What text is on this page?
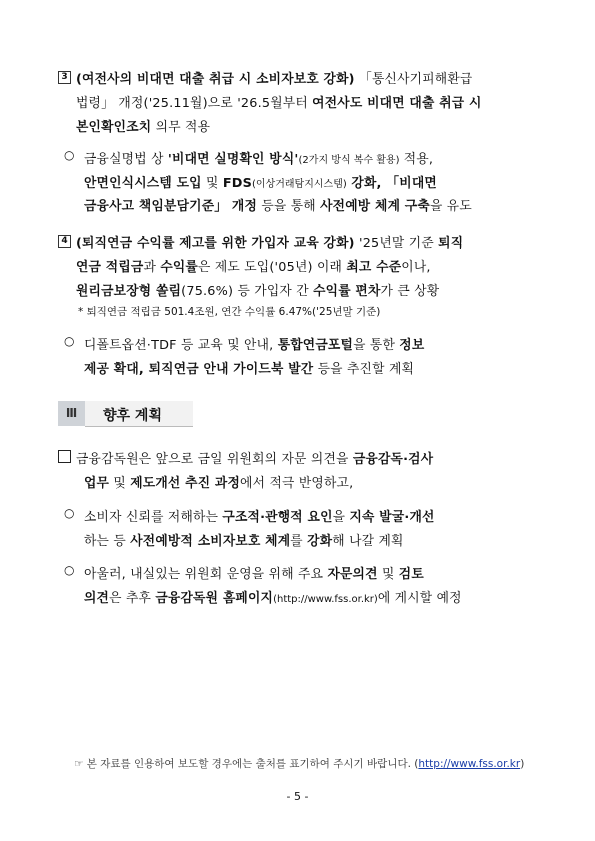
3 (여전사의 비대면 대출 취급 시 소비자보호 강화) 「통신사기피해환급
법령」 개정('25.11월)으로 '26.5월부터 여전사도 비대면 대출 취급 시
본인확인조치 의무 적용
○ 금융실명법 상 '비대면 실명확인 방식'(2가지 방식 복수 활용) 적용,
안면인식시스템 도입 및 FDS(이상거래탐지시스템) 강화, 「비대면
금융사고 책임분담기준」 개정 등을 통해 사전예방 체계 구축을 유도
4 (퇴직연금 수익률 제고를 위한 가입자 교육 강화) '25년말 기준 퇴직
연금 적립금과 수익률은 제도 도입('05년) 이래 최고 수준이나,
원리금보장형 쏠림(75.6%) 등 가입자 간 수익률 편차가 큰 상황
* 퇴직연금 적립금 501.4조원, 연간 수익률 6.47%('25년말 기준)
○ 디폴트옵션·TDF 등 교육 및 안내, 통합연금포털을 통한 정보
제공 확대, 퇴직연금 안내 가이드북 발간 등을 추진할 계획
Ⅲ	향후 계획
금융감독원은 앞으로 금일 위원회의 자문 의견을 금융감독·검사
업무 및 제도개선 추진 과정에서 적극 반영하고,
○ 소비자 신뢰를 저해하는 구조적·관행적 요인을 지속 발굴·개선
하는 등 사전예방적 소비자보호 체계를 강화해 나갈 계획
○ 아울러, 내실있는 위원회 운영을 위해 주요 자문의견 및 검토
의견은 추후 금융감독원 홈페이지(http://www.fss.or.kr)에 게시할 예정
☞ 본 자료를 인용하여 보도할 경우에는 출처를 표기하여 주시기 바랍니다. (http://www.fss.or.kr)
- 5 -
